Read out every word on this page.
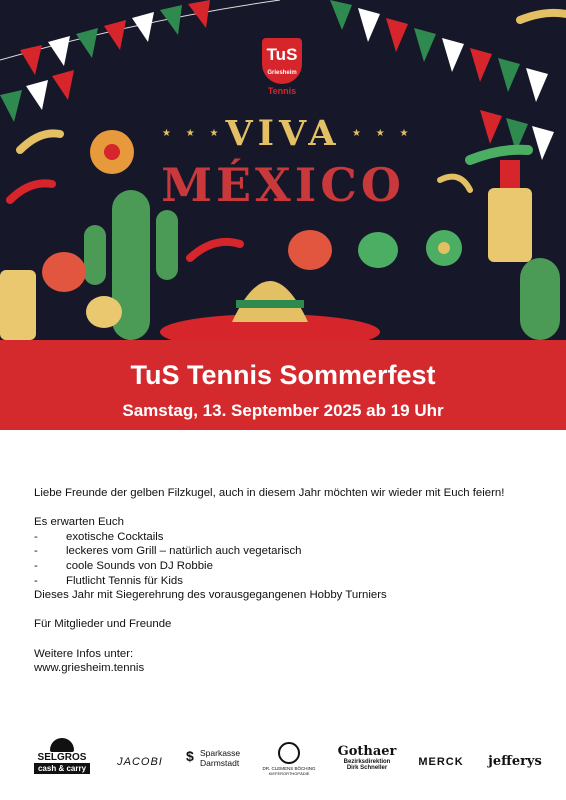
TuS
Griesheim
Tennis
★ ★ ★ VIVA	★ ★ ★
MÉXICO
TuS Tennis Sommerfest
Samstag, 13. September 2025 ab 19 Uhr

Liebe Freunde der gelben Filzkugel, auch in diesem Jahr möchten wir wieder mit Euch feiern!

Es erwarten Euch

-	exotische Cocktails
-	leckeres vom Grill – natürlich auch vegetarisch
-	coole Sounds von DJ Robbie
-	Flutlicht Tennis für Kids

Dieses Jahr mit Siegerehrung des vorausgegangenen Hobby Turniers

Für Mitglieder und Freunde

Weitere Infos unter:

www.griesheim.tennis

SELGROS
cash & carry
JACOBI	$ Sparkasse
Darmstadt
DR. CLEMENS BÖCHING
KIEFERORTHOPÄDIE
Gothaer
Bezirksdirektion
Dirk Schneller	MERCK	jefferys
